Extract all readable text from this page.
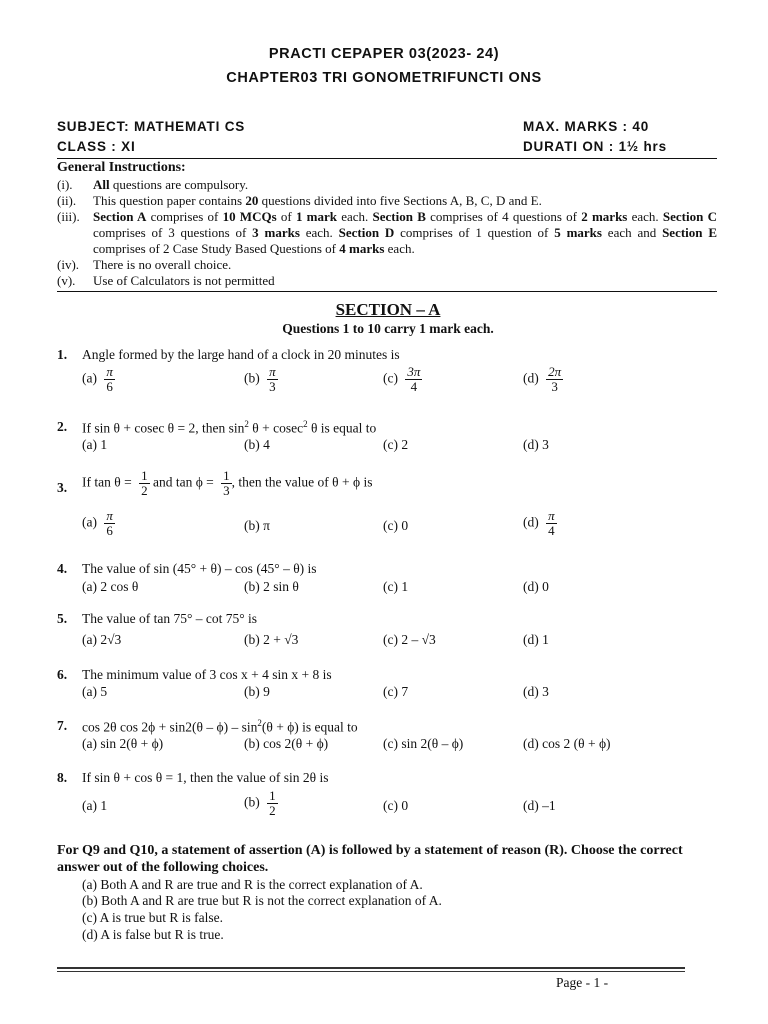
PRACTI CEPAPER 03(2023- 24)
CHAPTER03 TRI GONOMETRIFUNCTI ONS
SUBJECT: MATHEMATI CS	MAX. MARKS : 40
CLASS : XI	DURATI ON : 1½ hrs
General Instructions:
(i). All questions are compulsory.
(ii). This question paper contains 20 questions divided into five Sections A, B, C, D and E.
(iii). Section A comprises of 10 MCQs of 1 mark each. Section B comprises of 4 questions of 2 marks each. Section C comprises of 3 questions of 3 marks each. Section D comprises of 1 question of 5 marks each and Section E comprises of 2 Case Study Based Questions of 4 marks each.
(iv). There is no overall choice.
(v). Use of Calculators is not permitted
SECTION – A
Questions 1 to 10 carry 1 mark each.
1. Angle formed by the large hand of a clock in 20 minutes is
$(a) \frac{\pi}{6}$	$(b) \frac{\pi}{3}$	$(c) \frac{3\pi}{4}$	$(d) \frac{2\pi}{3}$
2. If sin θ + cosec θ = 2, then $\sin^2 \theta + cosec^2$ θ is equal to
(a) 1	(b) 4	(c) 2	(d) 3
3. If $\tan \theta = \frac{1}{2}$ and $\tan \phi = \frac{1}{3}$ , then the value of θ + ϕ is
$(a) \frac{\pi}{6}$	(b) π	(c) 0	$(d) \frac{\pi}{4}$
4. The value of sin (45° + θ) – cos (45° – θ) is
(a) 2 cos θ	(b) 2 sin θ	(c) 1	(d) 0
5. The value of tan 75° – cot 75° is
(a) 2√3	(b) 2 + √3	(c) 2 – √3	(d) 1
6. The minimum value of 3 cos x + 4 sin x + 8 is
(a) 5	(b) 9	(c) 7	(d) 3
7. cos 2θ $\cos 2\phi + \sin 2(\theta - \phi) - \sin^2(\theta + \phi)$ is equal to
(a) sin 2(θ + ϕ)	(b) cos 2(θ + ϕ)	(c) sin 2(θ – ϕ)	(d) cos 2 (θ + ϕ)
8. If sin θ + cos θ = 1, then the value of sin 2θ is
(a) 1	$(b) \frac{1}{2}$	(c) 0	(d) –1
For Q9 and Q10, a statement of assertion (A) is followed by a statement of reason (R). Choose the correct answer out of the following choices.
(a) Both A and R are true and R is the correct explanation of A.
(b) Both A and R are true but R is not the correct explanation of A.
(c) A is true but R is false.
(d) A is false but R is true.
Page - 1 -
